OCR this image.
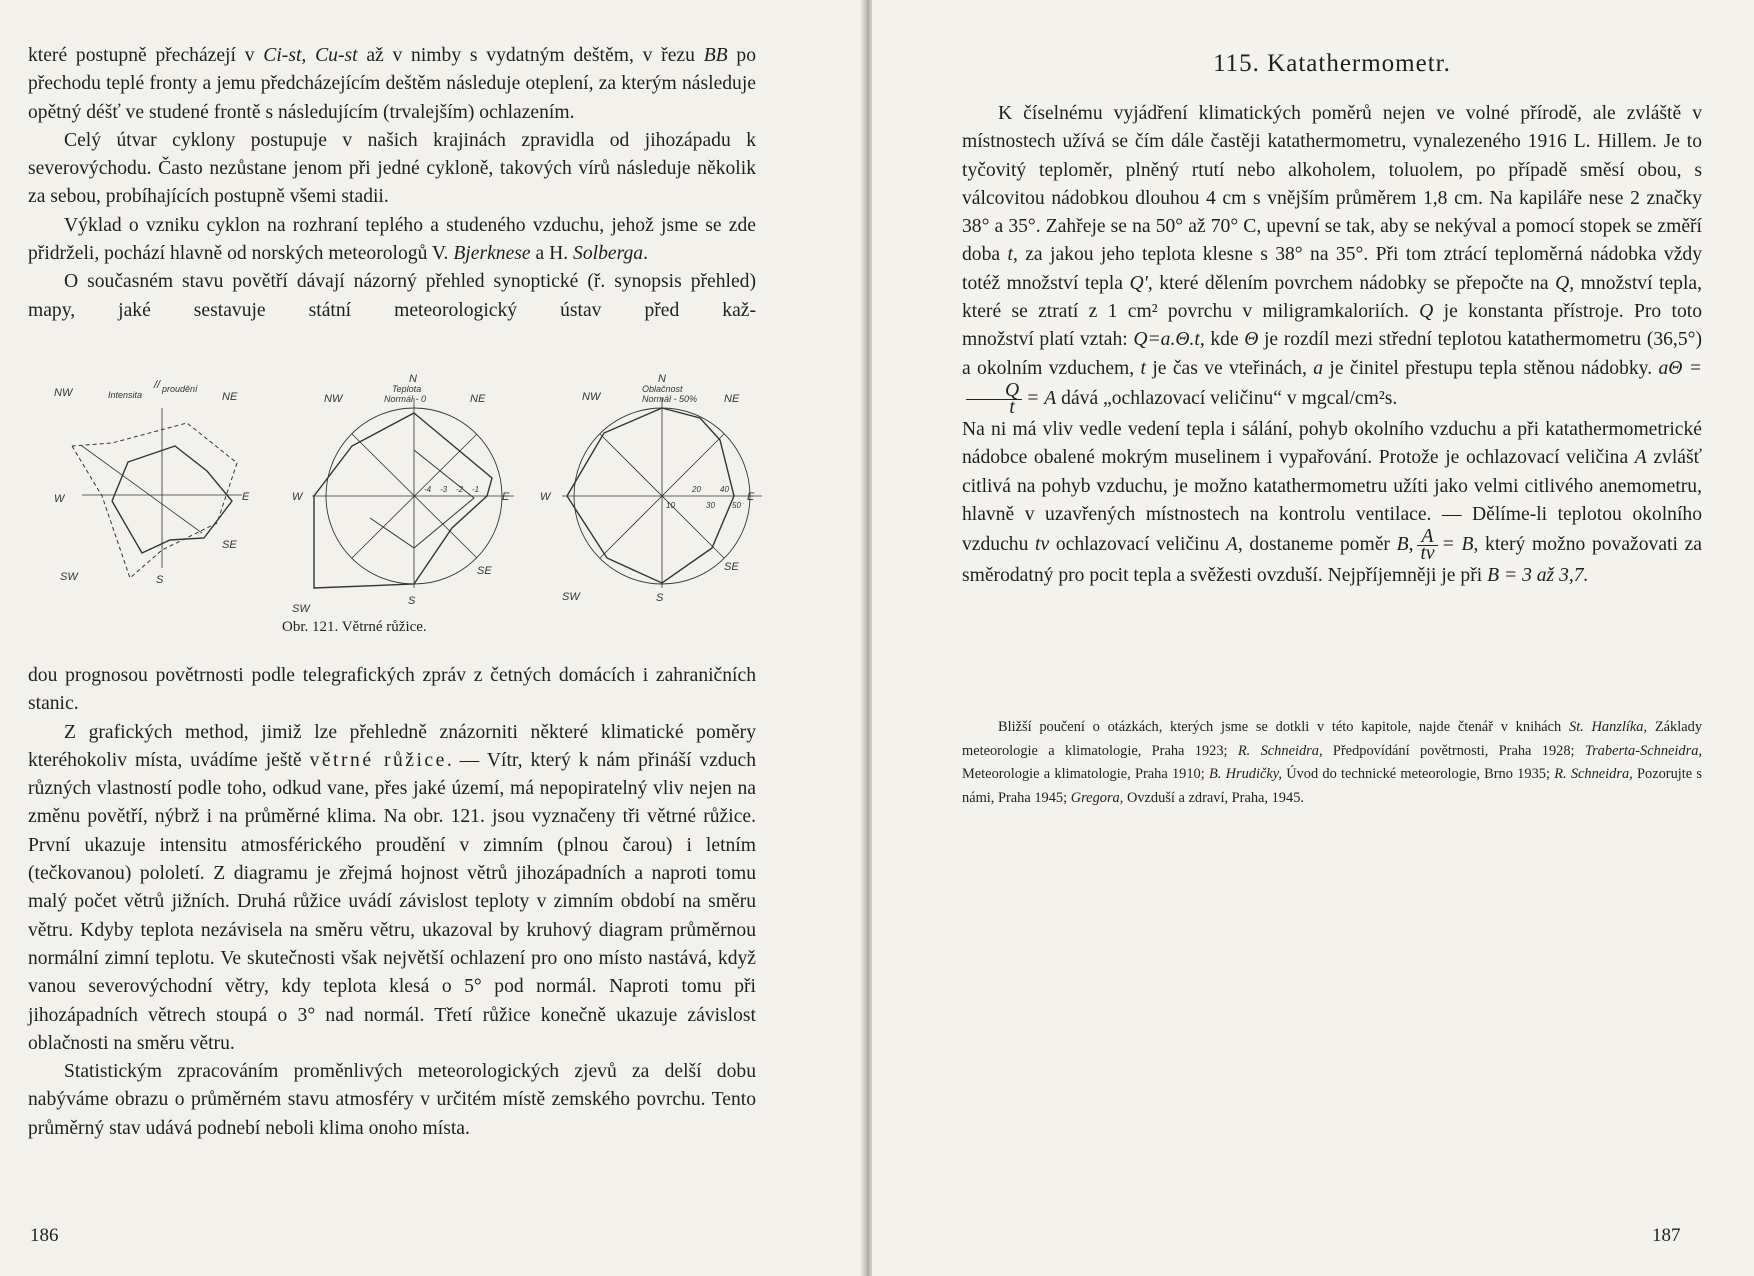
které postupně přecházejí v Ci-st, Cu-st až v nimby s vydatným deštěm, v řezu BB po přechodu teplé fronty a jemu předcházejícím deštěm následuje oteplení, za kterým následuje opětný déšť ve studené frontě s následujícím (trvalejším) ochlazením.

Celý útvar cyklony postupuje v našich krajinách zpravidla od jihozápadu k severovýchodu. Často nezůstane jenom při jedné cykloně, takových vírů následuje několik za sebou, probíhajících postupně všemi stadii.

Výklad o vzniku cyklon na rozhraní teplého a studeného vzduchu, jehož jsme se zde přidrželi, pochází hlavně od norských meteorologů V. Bjerknese a H. Solberga.

O současném stavu povětří dávají názorný přehled synoptické (ř. synopsis přehled) mapy, jaké sestavuje státní meteorologický ústav před kaž-

NW
//
NE
E
SE
S
SW
W
Intensita
proudění
NW
N
NE
E
SE
S
SW
W
Teplota
Normál - 0
-4 -3 -2 -1
NW
N
NE
E
SE
S
SW
W
Oblačnost
Normál - 50%
10
20
30
40
50
Obr. 121. Větrné růžice.

dou prognosou povětrnosti podle telegrafických zpráv z četných domácích i zahraničních stanic.

Z grafických method, jimiž lze přehledně znázorniti některé klimatické poměry kteréhokoliv místa, uvádíme ještě větrné růžice. — Vítr, který k nám přináší vzduch různých vlastností podle toho, odkud vane, přes jaké území, má nepopiratelný vliv nejen na změnu povětří, nýbrž i na průměrné klima. Na obr. 121. jsou vyznačeny tři větrné růžice. První ukazuje intensitu atmosférického proudění v zimním (plnou čarou) i letním (tečkovanou) pololetí. Z diagramu je zřejmá hojnost větrů jihozápadních a naproti tomu malý počet větrů jižních. Druhá růžice uvádí závislost teploty v zimním období na směru větru. Kdyby teplota nezávisela na směru větru, ukazoval by kruhový diagram průměrnou normální zimní teplotu. Ve skutečnosti však největší ochlazení pro ono místo nastává, když vanou severovýchodní větry, kdy teplota klesá o 5° pod normál. Naproti tomu při jihozápadních větrech stoupá o 3° nad normál. Třetí růžice konečně ukazuje závislost oblačnosti na směru větru.

Statistickým zpracováním proměnlivých meteorologických zjevů za delší dobu nabýváme obrazu o průměrném stavu atmosféry v určitém místě zemského povrchu. Tento průměrný stav udává podnebí neboli klima onoho místa.

186
115. Katathermometr.

K číselnému vyjádření klimatických poměrů nejen ve volné přírodě, ale zvláště v místnostech užívá se čím dále častěji katathermometru, vynalezeného 1916 L. Hillem. Je to tyčovitý teploměr, plněný rtutí nebo alkoholem, toluolem, po případě směsí obou, s válcovitou nádobkou dlouhou 4 cm s vnějším průměrem 1,8 cm. Na kapiláře nese 2 značky 38° a 35°. Zahřeje se na 50° až 70° C, upevní se tak, aby se nekýval a pomocí stopek se změří doba t, za jakou jeho teplota klesne s 38° na 35°. Při tom ztrácí teploměrná nádobka vždy totéž množství tepla Q', které dělením povrchem nádobky se přepočte na Q, množství tepla, které se ztratí z 1 cm² povrchu v miligramkaloriích. Q je konstanta přístroje. Pro toto množství platí vztah: Q=a.Θ.t, kde Θ je rozdíl mezi střední teplotou katathermometru (36,5°) a okolním vzduchem, t je čas ve vteřinách, a je činitel přestupu tepla stěnou nádobky. aΘ =
$\frac{Q}{t} = A$ dává „ochlazovací veličinu“ v mgcal/cm²s.

Na ni má vliv vedle vedení tepla i sálání, pohyb okolního vzduchu a při katathermometrické nádobce obalené mokrým muselinem i vypařování. Protože je ochlazovací veličina A zvlášť citlivá na pohyb vzduchu, je možno katathermometru užíti jako velmi citlivého anemometru, hlavně v uzavřených místnostech na kontrolu ventilace. — Dělíme-li teplotou okolního vzduchu tv ochlazovací veličinu A, dostaneme poměr B, $\frac{A}{tv} = B$, který možno považovati za směrodatný pro pocit tepla a svěžesti ovzduší. Nejpříjemněji je při B = 3 až 3,7.

Bližší poučení o otázkách, kterých jsme se dotkli v této kapitole, najde čtenář v knihách St. Hanzlíka, Základy meteorologie a klimatologie, Praha 1923; R. Schneidra, Předpovídání povětrnosti, Praha 1928; Traberta-Schneidra, Meteorologie a klimatologie, Praha 1910; B. Hrudičky, Úvod do technické meteorologie, Brno 1935; R. Schneidra, Pozorujte s námi, Praha 1945; Gregora, Ovzduší a zdraví, Praha, 1945.

187
